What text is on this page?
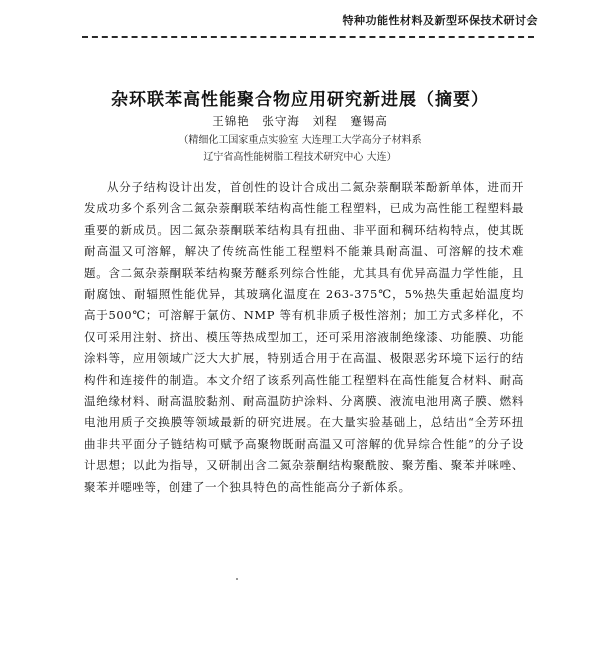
特种功能性材料及新型环保技术研讨会
杂环联苯高性能聚合物应用研究新进展（摘要）
王锦艳 张守海 刘程 蹇锡高
（精细化工国家重点实验室 大连理工大学高分子材料系
辽宁省高性能树脂工程技术研究中心 大连）

从分子结构设计出发，首创性的设计合成出二氮杂萘酮联苯酚新单体，进而开发成功多个系列含二氮杂萘酮联苯结构高性能工程塑料，已成为高性能工程塑料最重要的新成员。因二氮杂萘酮联苯结构具有扭曲、非平面和稠环结构特点，使其既耐高温又可溶解，解决了传统高性能工程塑料不能兼具耐高温、可溶解的技术难题。含二氮杂萘酮联苯结构聚芳醚系列综合性能，尤其具有优异高温力学性能，且耐腐蚀、耐辐照性能优异，其玻璃化温度在 263-375℃，5%热失重起始温度均高于500℃；可溶解于氯仿、NMP 等有机非质子极性溶剂；加工方式多样化，不仅可采用注射、挤出、模压等热成型加工，还可采用溶液制绝缘漆、功能膜、功能涂料等，应用领域广泛大大扩展，特别适合用于在高温、极限恶劣环境下运行的结构件和连接件的制造。本文介绍了该系列高性能工程塑料在高性能复合材料、耐高温绝缘材料、耐高温胶黏剂、耐高温防护涂料、分离膜、液流电池用离子膜、燃料电池用质子交换膜等领域最新的研究进展。在大量实验基础上，总结出“全芳环扭曲非共平面分子链结构可赋予高聚物既耐高温又可溶解的优异综合性能”的分子设计思想；以此为指导，又研制出含二氮杂萘酮结构聚酰胺、聚芳酯、聚苯并咪唑、聚苯并噁唑等，创建了一个独具特色的高性能高分子新体系。
